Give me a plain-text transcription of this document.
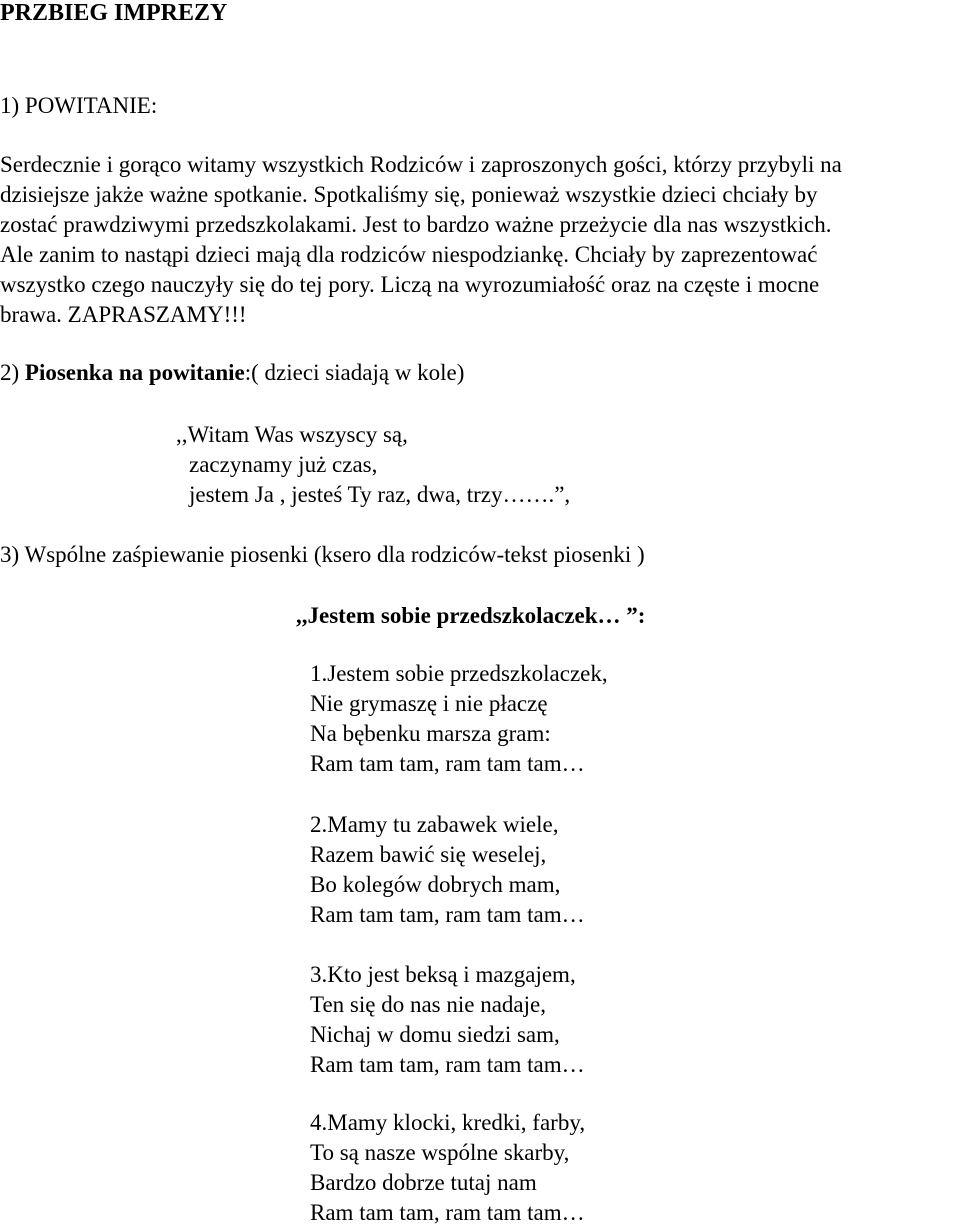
PRZBIEG IMPREZY
1) POWITANIE:
Serdecznie i gorąco witamy wszystkich Rodziców i zaproszonych gości, którzy przybyli na
dzisiejsze jakże ważne spotkanie. Spotkaliśmy się, ponieważ wszystkie dzieci chciały by
zostać prawdziwymi przedszkolakami. Jest to bardzo ważne przeżycie dla nas wszystkich.
Ale zanim to nastąpi dzieci mają dla rodziców niespodziankę. Chciały by zaprezentować
wszystko czego nauczyły się do tej pory. Liczą na wyrozumiałość oraz na częste i mocne
brawa. ZAPRASZAMY!!!
2) Piosenka na powitanie:( dzieci siadają w kole)
,,Witam Was wszyscy są,
zaczynamy już czas,
jestem Ja , jesteś Ty raz, dwa, trzy…….”,
3) Wspólne zaśpiewanie piosenki (ksero dla rodziców-tekst piosenki )
,,Jestem sobie przedszkolaczek… ”:
1.Jestem sobie przedszkolaczek,
Nie grymaszę i nie płaczę
Na bębenku marsza gram:
Ram tam tam, ram tam tam…
2.Mamy tu zabawek wiele,
Razem bawić się weselej,
Bo kolegów dobrych mam,
Ram tam tam, ram tam tam…
3.Kto jest beksą i mazgajem,
Ten się do nas nie nadaje,
Nichaj w domu siedzi sam,
Ram tam tam, ram tam tam…
4.Mamy klocki, kredki, farby,
To są nasze wspólne skarby,
Bardzo dobrze tutaj nam
Ram tam tam, ram tam tam…
